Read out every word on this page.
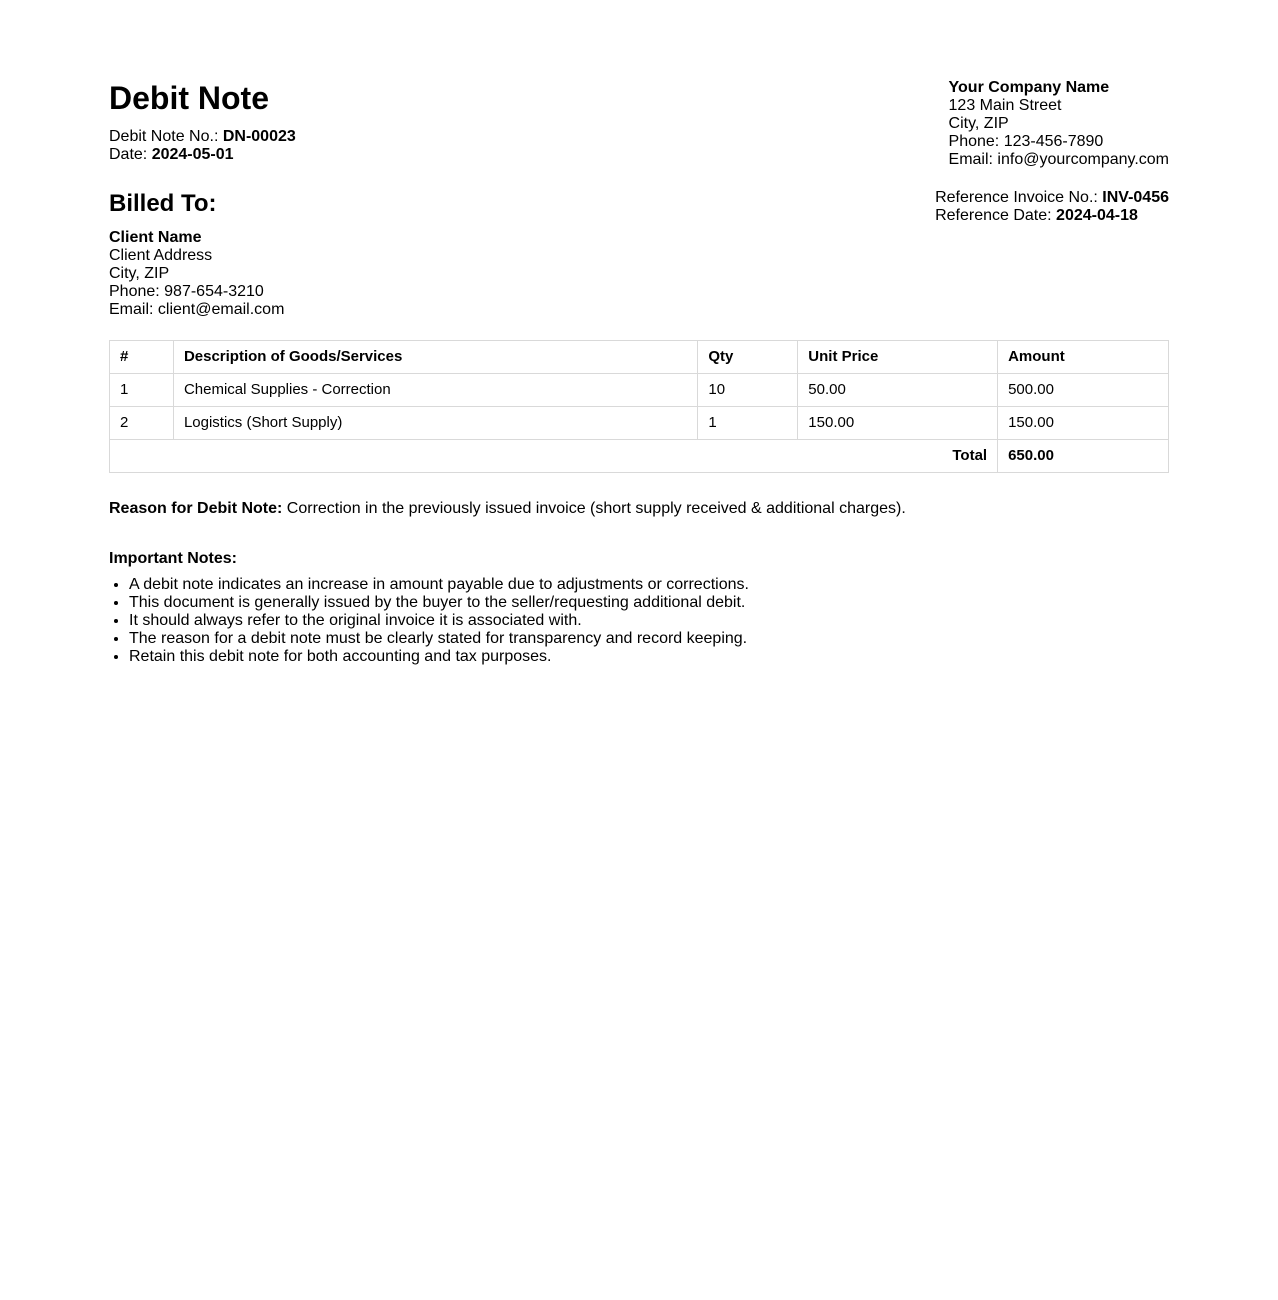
Debit Note
Debit Note No.: DN-00023
Date: 2024-05-01
Your Company Name
123 Main Street
City, ZIP
Phone: 123-456-7890
Email: info@yourcompany.com
Reference Invoice No.: INV-0456
Reference Date: 2024-04-18
Billed To:
Client Name
Client Address
City, ZIP
Phone: 987-654-3210
Email: client@email.com
#	Description of Goods/Services	Qty	Unit Price	Amount
1	Chemical Supplies - Correction	10	50.00	500.00
2	Logistics (Short Supply)	1	150.00	150.00
Total				650.00
Reason for Debit Note: Correction in the previously issued invoice (short supply received & additional charges).
Important Notes:
• A debit note indicates an increase in amount payable due to adjustments or corrections.
• This document is generally issued by the buyer to the seller/requesting additional debit.
• It should always refer to the original invoice it is associated with.
• The reason for a debit note must be clearly stated for transparency and record keeping.
• Retain this debit note for both accounting and tax purposes.
